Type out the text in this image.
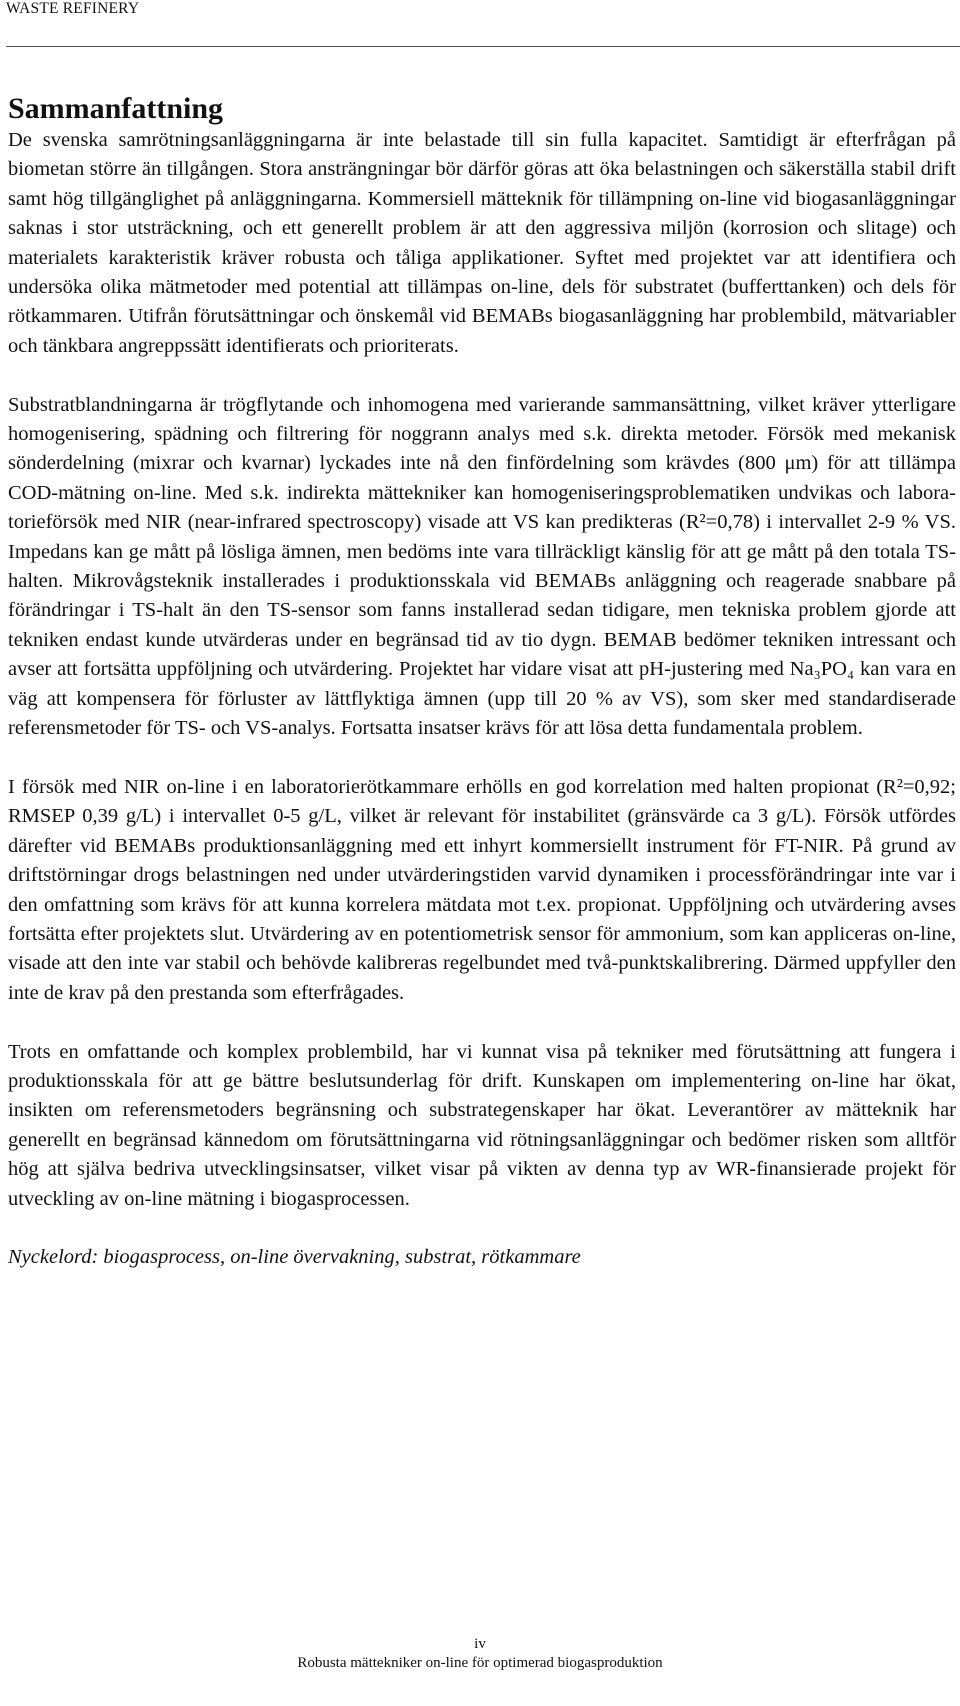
WASTE REFINERY
Sammanfattning

De svenska samrötningsanläggningarna är inte belastade till sin fulla kapacitet. Samtidigt är efterfrågan på biometan större än tillgången. Stora ansträngningar bör därför göras att öka belastningen och säkerställa stabil drift samt hög tillgänglighet på anläggningarna. Kommersiell mätteknik för tillämpning on-line vid biogasanläggningar saknas i stor utsträckning, och ett generellt problem är att den aggressiva miljön (korrosion och slitage) och materialets karakteristik kräver robusta och tåliga applikationer. Syftet med projektet var att identifiera och undersöka olika mätmetoder med potential att tillämpas on-line, dels för substratet (bufferttanken) och dels för rötkammaren. Utifrån förutsättningar och önskemål vid BEMABs biogasanläggning har problembild, mätvariabler och tänkbara angreppssätt identifierats och prioriterats.

Substratblandningarna är trögflytande och inhomogena med varierande sammansättning, vilket kräver ytterligare homogenisering, spädning och filtrering för noggrann analys med s.k. direkta metoder. Försök med mekanisk sönderdelning (mixrar och kvarnar) lyckades inte nå den finfördelning som krävdes (800 μm) för att tillämpa COD-mätning on-line. Med s.k. indirekta mättekniker kan homogeniseringsproblematiken undvikas och laboratorieförsök med NIR (near-infrared spectroscopy) visade att VS kan predikteras (R²=0,78) i intervallet 2-9 % VS. Impedans kan ge mått på lösliga ämnen, men bedöms inte vara tillräckligt känslig för att ge mått på den totala TS-halten. Mikrovågsteknik installerades i produktionsskala vid BEMABs anläggning och reagerade snabbare på förändringar i TS-halt än den TS-sensor som fanns installerad sedan tidigare, men tekniska problem gjorde att tekniken endast kunde utvärderas under en begränsad tid av tio dygn. BEMAB bedömer tekniken intressant och avser att fortsätta uppföljning och utvärdering. Projektet har vidare visat att pH-justering med Na₃PO₄ kan vara en väg att kompensera för förluster av lättflyktiga ämnen (upp till 20 % av VS), som sker med standardiserade referensmetoder för TS- och VS-analys. Fortsatta insatser krävs för att lösa detta fundamentala problem.

I försök med NIR on-line i en laboratorierötkammare erhölls en god korrelation med halten propionat (R²=0,92; RMSEP 0,39 g/L) i intervallet 0-5 g/L, vilket är relevant för instabilitet (gränsvärde ca 3 g/L). Försök utfördes därefter vid BEMABs produktionsanläggning med ett inhyrt kommersiellt instrument för FT-NIR. På grund av driftstörningar drogs belastningen ned under utvärderingstiden varvid dynamiken i processförändringar inte var i den omfattning som krävs för att kunna korrelera mätdata mot t.ex. propionat. Uppföljning och utvärdering avses fortsätta efter projektets slut. Utvärdering av en potentiometrisk sensor för ammonium, som kan appliceras on-line, visade att den inte var stabil och behövde kalibreras regelbundet med två-punktskalibrering. Därmed uppfyller den inte de krav på den prestanda som efterfrågades.

Trots en omfattande och komplex problembild, har vi kunnat visa på tekniker med förutsättning att fungera i produktionsskala för att ge bättre beslutsunderlag för drift. Kunskapen om implementering on-line har ökat, insikten om referensmetoders begränsning och substrategenskaper har ökat. Leverantörer av mätteknik har generellt en begränsad kännedom om förutsättningarna vid rötningsanläggningar och bedömer risken som alltför hög att själva bedriva utvecklingsinsatser, vilket visar på vikten av denna typ av WR-finansierade projekt för utveckling av on-line mätning i biogasprocessen.

Nyckelord: biogasprocess, on-line övervakning, substrat, rötkammare
iv
Robusta mättekniker on-line för optimerad biogasproduktion
